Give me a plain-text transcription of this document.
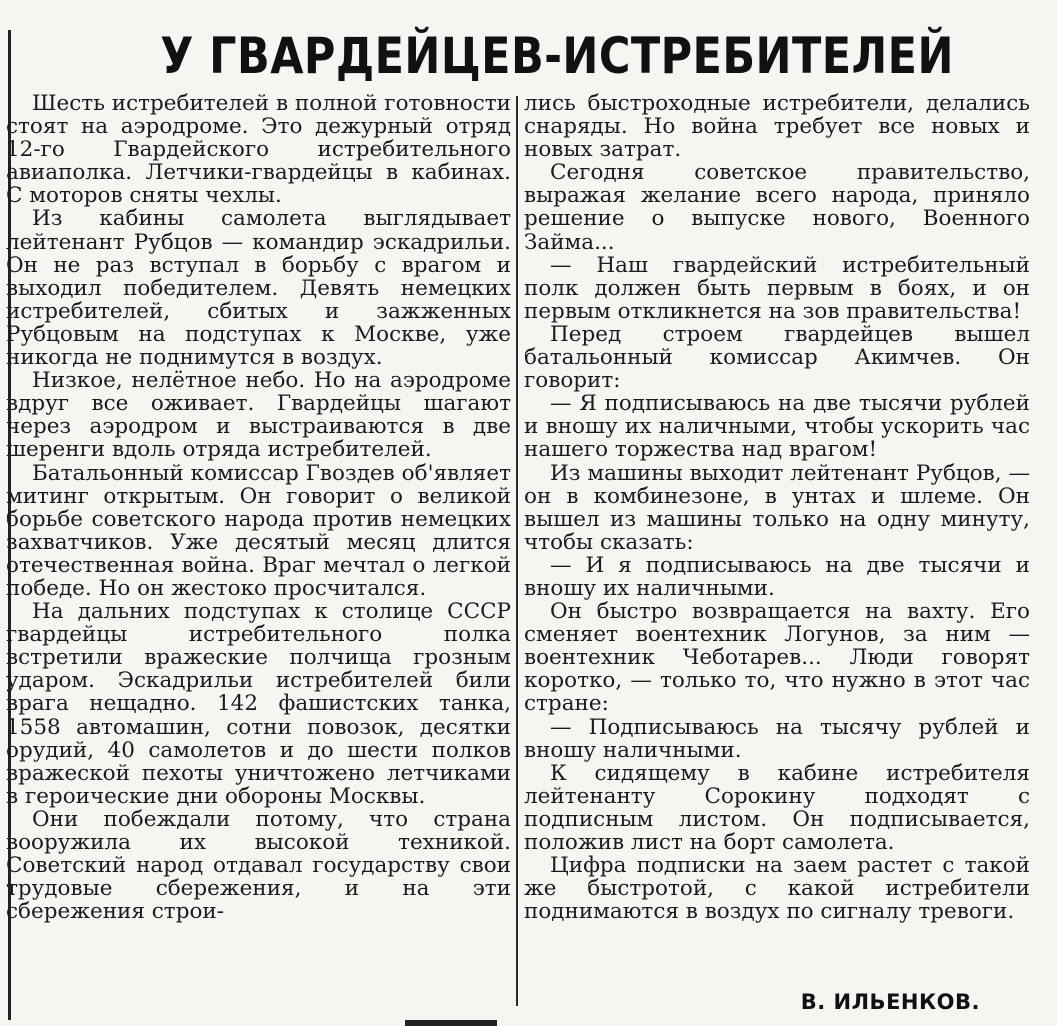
У ГВАРДЕЙЦЕВ-ИСТРЕБИТЕЛЕЙ

Шесть истребителей в полной готовности стоят на аэродроме. Это дежурный отряд 12-го Гвардейского истребительного авиаполка. Летчики-гвардейцы в кабинах. С моторов сняты чехлы.

Из кабины самолета выглядывает лейтенант Рубцов — командир эскадрильи. Он не раз вступал в борьбу с врагом и выходил победителем. Девять немецких истребителей, сбитых и зажженных Рубцовым на подступах к Москве, уже никогда не поднимутся в воздух.

Низкое, нелётное небо. Но на аэродроме вдруг все оживает. Гвардейцы шагают через аэродром и выстраиваются в две шеренги вдоль отряда истребителей.

Батальонный комиссар Гвоздев об'являет митинг открытым. Он говорит о великой борьбе советского народа против немецких захватчиков. Уже десятый месяц длится отечественная война. Враг мечтал о легкой победе. Но он жестоко просчитался.

На дальних подступах к столице СССР гвардейцы истребительного полка встретили вражеские полчища грозным ударом. Эскадрильи истребителей били врага нещадно. 142 фашистских танка, 1558 автомашин, сотни повозок, десятки орудий, 40 самолетов и до шести полков вражеской пехоты уничтожено летчиками в героические дни обороны Москвы.

Они побеждали потому, что страна вооружила их высокой техникой. Советский народ отдавал государству свои трудовые сбережения, и на эти сбережения строи-

лись быстроходные истребители, делались снаряды. Но война требует все новых и новых затрат.

Сегодня советское правительство, выражая желание всего народа, приняло решение о выпуске нового, Военного Займа...

— Наш гвардейский истребительный полк должен быть первым в боях, и он первым откликнется на зов правительства!

Перед строем гвардейцев вышел батальонный комиссар Акимчев. Он говорит:

— Я подписываюсь на две тысячи рублей и вношу их наличными, чтобы ускорить час нашего торжества над врагом!

Из машины выходит лейтенант Рубцов, — он в комбинезоне, в унтах и шлеме. Он вышел из машины только на одну минуту, чтобы сказать:

— И я подписываюсь на две тысячи и вношу их наличными.

Он быстро возвращается на вахту. Его сменяет воентехник Логунов, за ним — воентехник Чеботарев... Люди говорят коротко, — только то, что нужно в этот час стране:

— Подписываюсь на тысячу рублей и вношу наличными.

К сидящему в кабине истребителя лейтенанту Сорокину подходят с подписным листом. Он подписывается, положив лист на борт самолета.

Цифра подписки на заем растет с такой же быстротой, с какой истребители поднимаются в воздух по сигналу тревоги.

В. ИЛЬЕНКОВ.
